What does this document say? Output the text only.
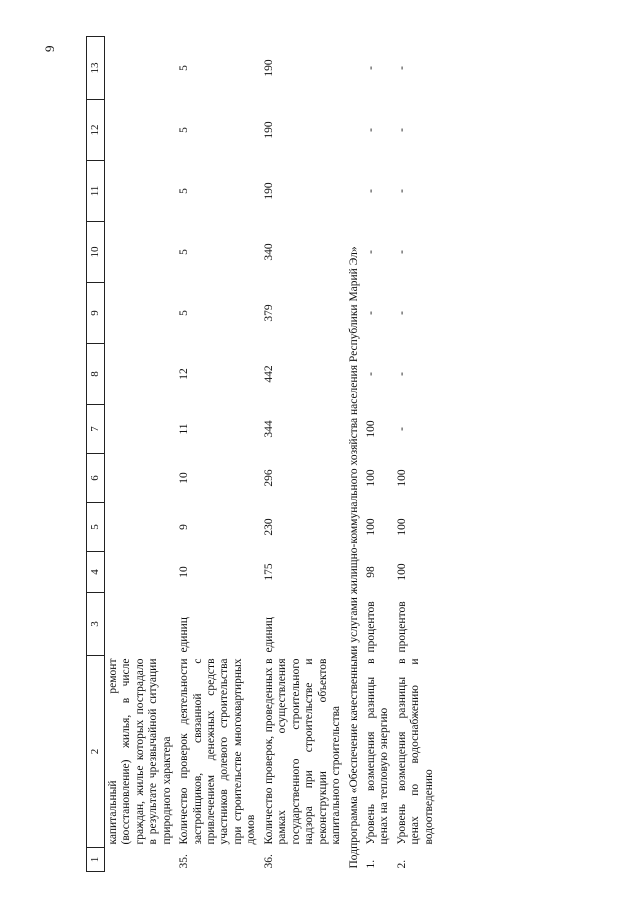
9
1	2	3	4	5	6	7	8	9	10	11	12	13
	капитальный ремонт (восстановление) жилья, в числе граждан, жилье которых пострадало в результате чрезвычайной ситуации природного характера											
35.	Количество проверок деятельности застройщиков, связанной с привлечением денежных средств участников долевого строительства при строительстве многоквартирных домов	единиц	10	9	10	11	12	5	5	5	5	5
36.	Количество проверок, проведенных в рамках осуществления государственного строительного надзора при строительстве и реконструкции объектов капитального строительства	единиц	175	230	296	344	442	379	340	190	190	190
Подпрограмма «Обеспечение качественными услугами жилищно-коммунального хозяйства населения Республики Марий Эл»												
1.	Уровень возмещения разницы в ценах на тепловую энергию	процентов	98	100	100	100	-	-	-	-	-	-
2.	Уровень возмещения разницы в ценах по водоснабжению и водоотведению	процентов	100	100	100	-	-	-	-	-	-	-
